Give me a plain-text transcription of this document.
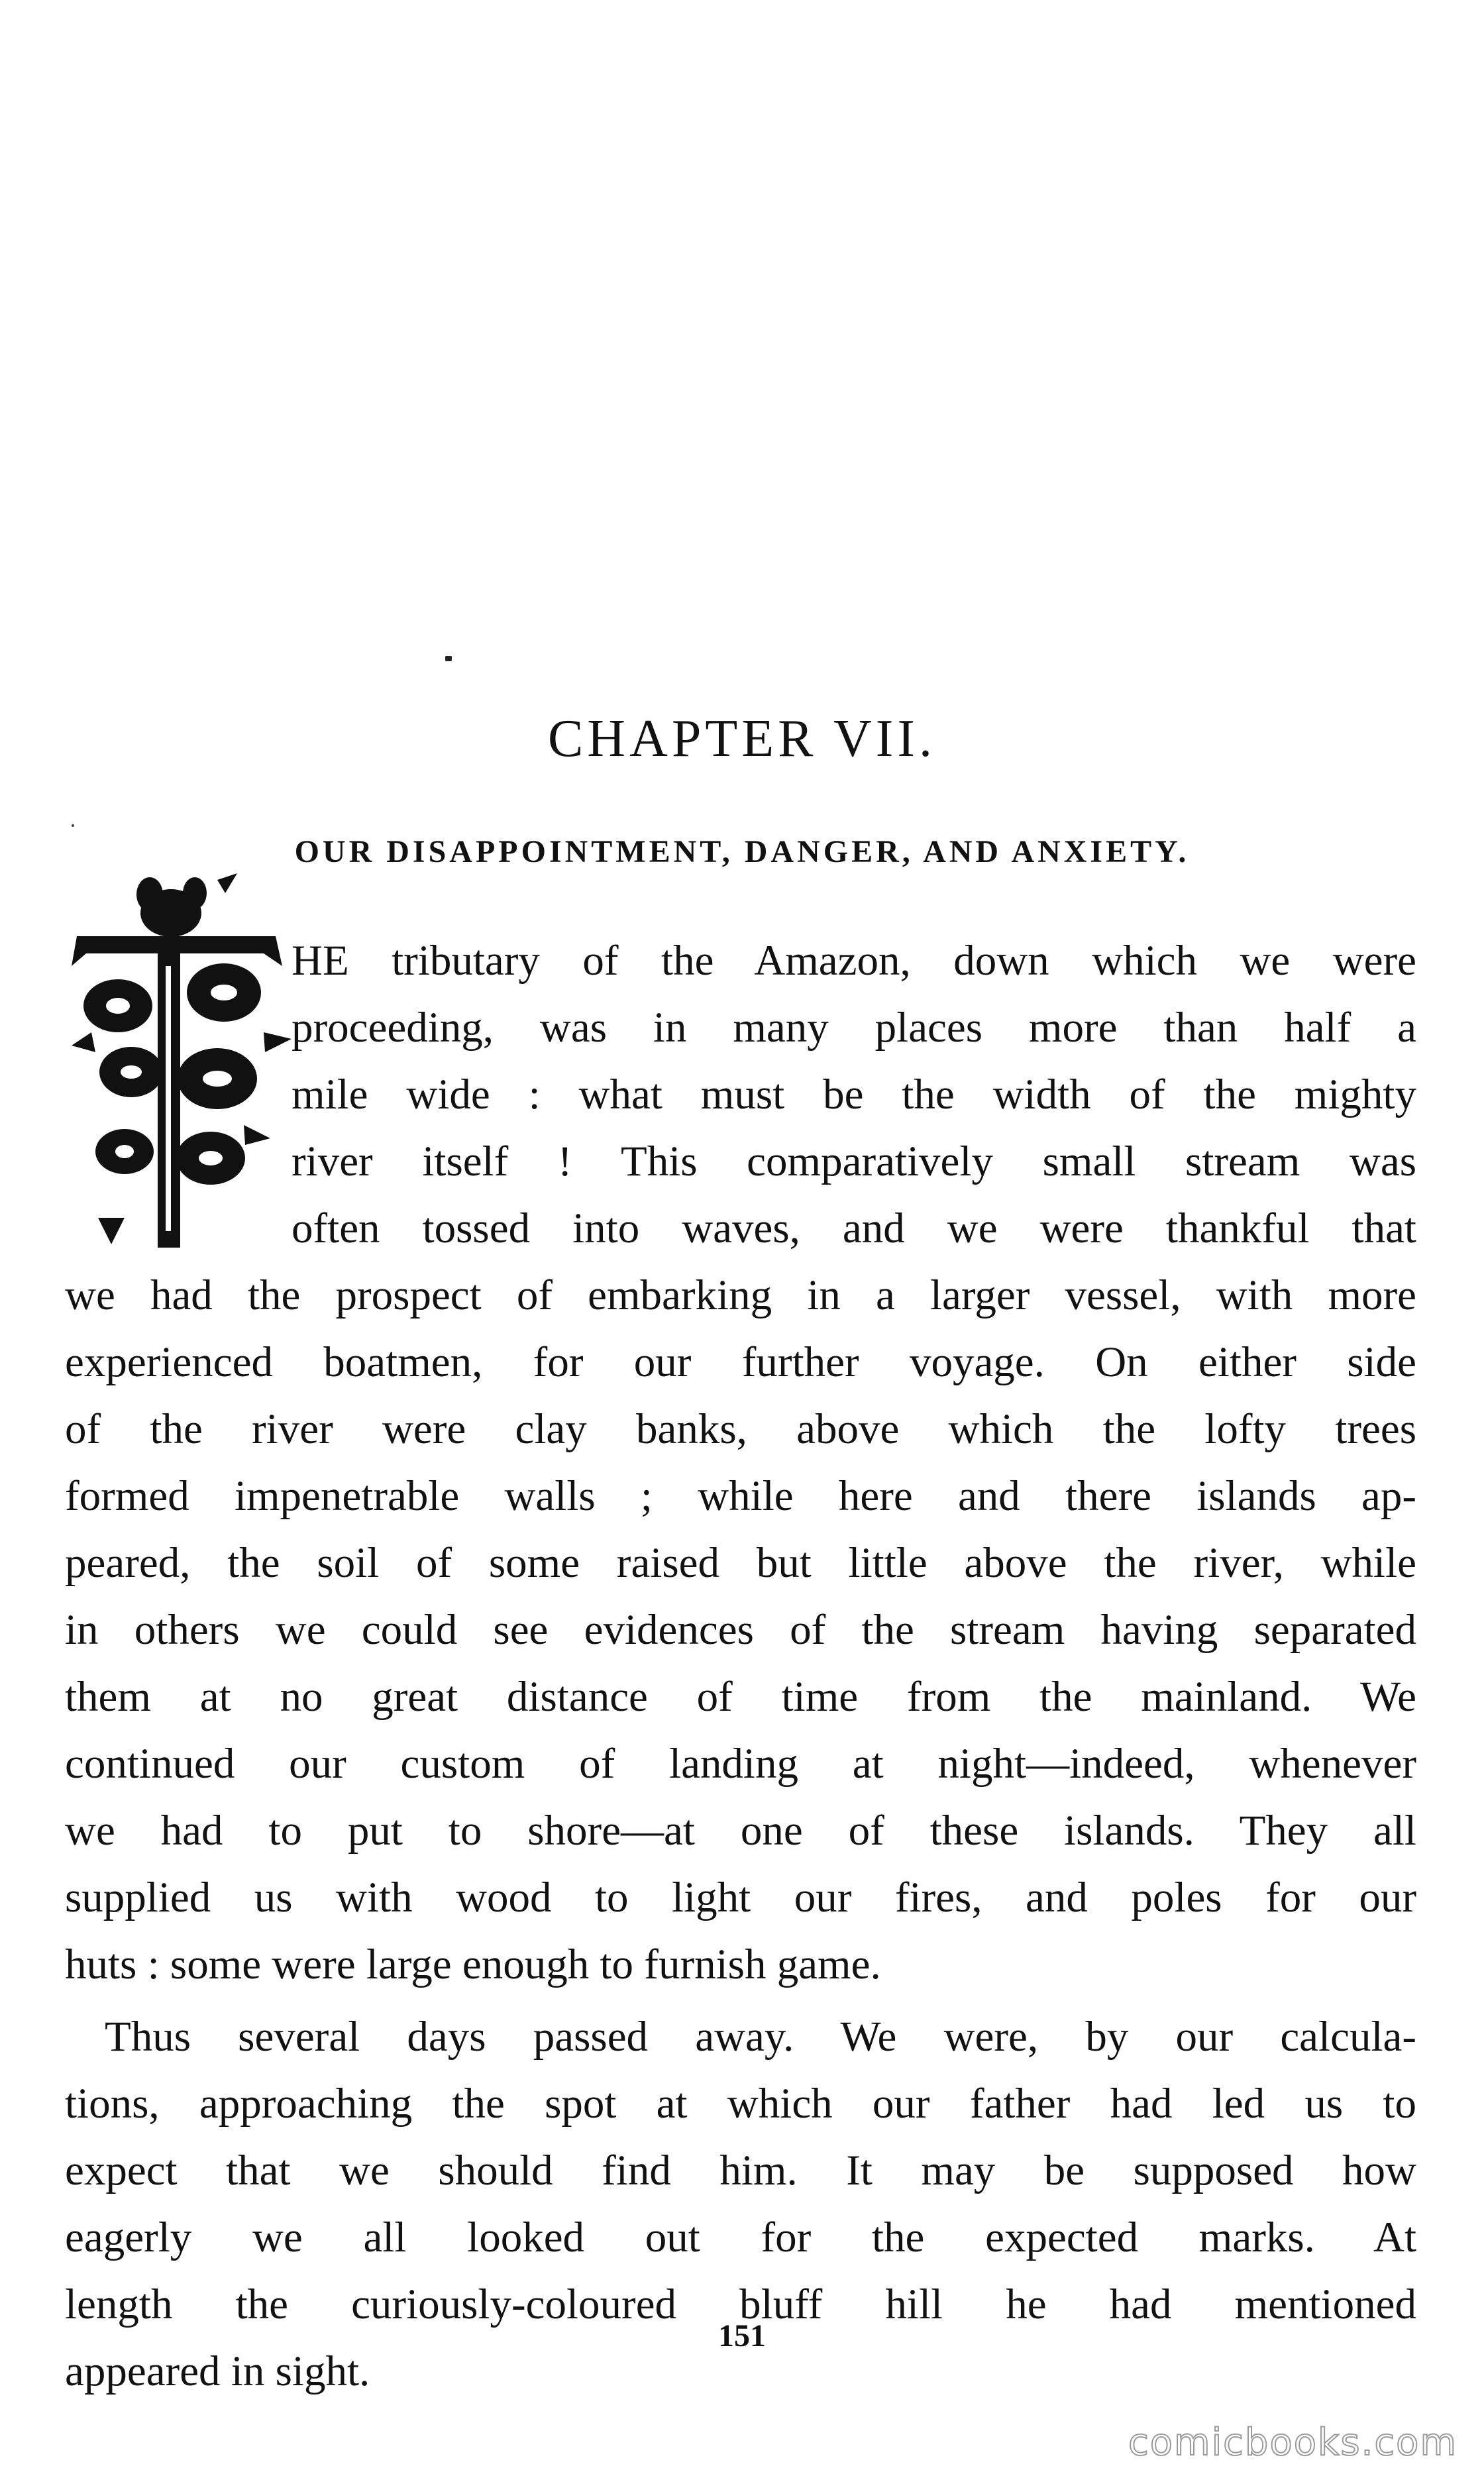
CHAPTER VII.
OUR DISAPPOINTMENT, DANGER, AND ANXIETY.
HE tributary of the Amazon, down which we were
proceeding, was in many places more than half a
mile wide : what must be the width of the mighty
river itself ! This comparatively small stream was
often tossed into waves, and we were thankful that
we had the prospect of embarking in a larger vessel, with more
experienced boatmen, for our further voyage. On either side
of the river were clay banks, above which the lofty trees
formed impenetrable walls ; while here and there islands ap-
peared, the soil of some raised but little above the river, while
in others we could see evidences of the stream having separated
them at no great distance of time from the mainland. We
continued our custom of landing at night—indeed, whenever
we had to put to shore—at one of these islands. They all
supplied us with wood to light our fires, and poles for our
huts : some were large enough to furnish game.
Thus several days passed away. We were, by our calcula-
tions, approaching the spot at which our father had led us to
expect that we should find him. It may be supposed how
eagerly we all looked out for the expected marks. At
length the curiously-coloured bluff hill he had mentioned
appeared in sight.
151
comicbooks.com
